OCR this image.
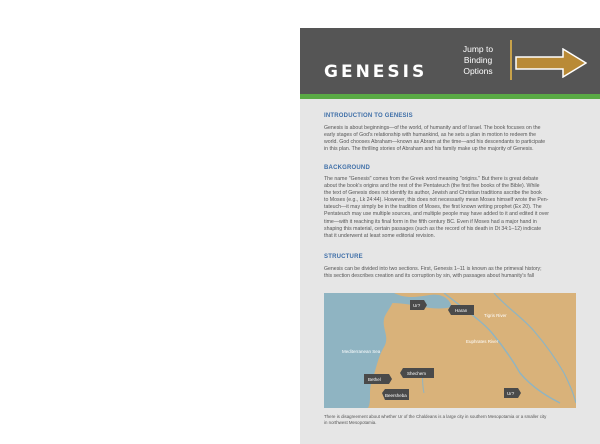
GENESIS
Jump to
Binding
Options
INTRODUCTION TO GENESIS

Genesis is about beginnings—of the world, of humanity and of Israel. The book focuses on the
early stages of God's relationship with humankind, as he sets a plan in motion to redeem the
world. God chooses Abraham—known as Abram at the time—and his descendants to participate
in this plan. The thrilling stories of Abraham and his family make up the majority of Genesis.

BACKGROUND

The name "Genesis" comes from the Greek word meaning "origins." But there is great debate
about the book's origins and the rest of the Pentateuch (the first five books of the Bible). While
the text of Genesis does not identify its author, Jewish and Christian traditions ascribe the book
to Moses (e.g., Lk 24:44). However, this does not necessarily mean Moses himself wrote the Pen-
tateuch—it may simply be in the tradition of Moses, the first known writing prophet (Ex 20). The
Pentateuch may use multiple sources, and multiple people may have added to it and edited it over
time—with it reaching its final form in the fifth century BC. Even if Moses had a major hand in
shaping this material, certain passages (such as the record of his death in Dt 34:1–12) indicate
that it underwent at least some editorial revision.

STRUCTURE

Genesis can be divided into two sections. First, Genesis 1–11 is known as the primeval history;
this section describes creation and its corruption by sin, with passages about humanity's fall

Mediterranean Sea
Tigris River
Euphrates River
Ur?
Haran
Shechem
Bethel
Beersheba	Ur?

There is disagreement about whether Ur of the Chaldeans is a large city in southern Mesopotamia or a smaller city
in northwest Mesopotamia.
